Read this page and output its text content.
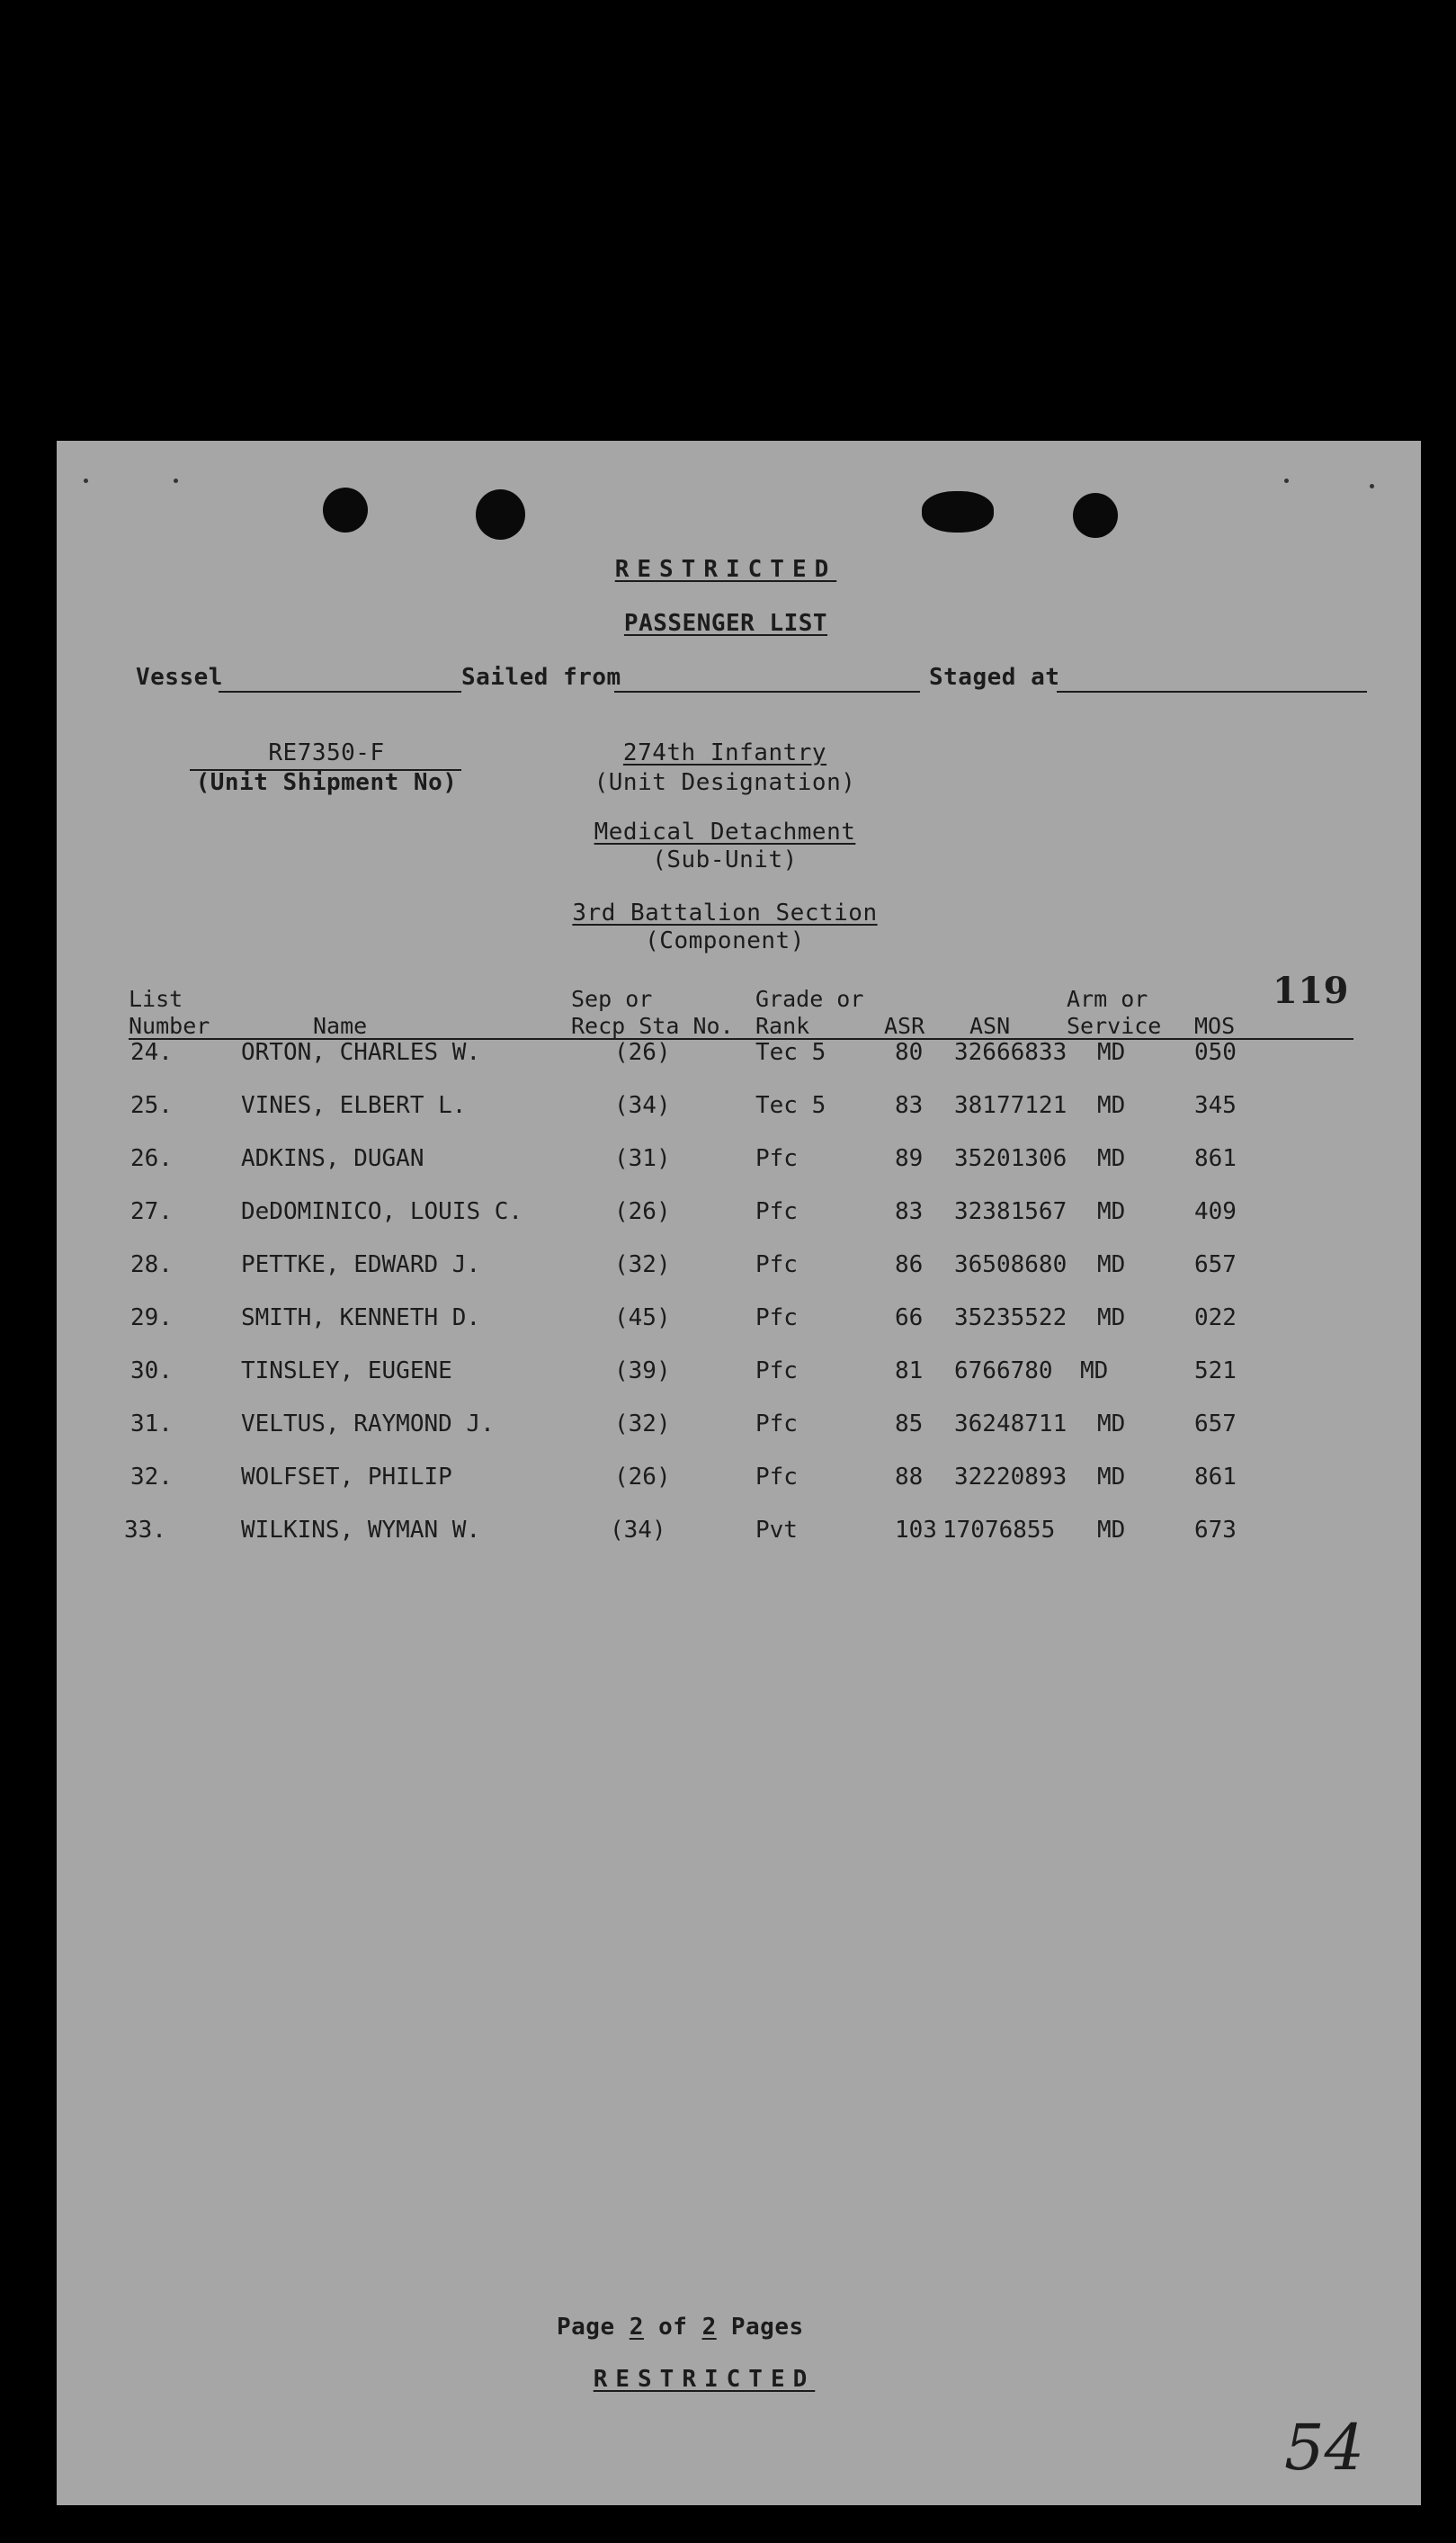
RESTRICTED
PASSENGER LIST
Vessel	Sailed from	Staged at
RE7350-F
(Unit Shipment No)
274th Infantry
(Unit Designation)
Medical Detachment
(Sub-Unit)
3rd Battalion Section
(Component)
119
List
Number	Name
Sep or
Recp Sta No.
Grade or
Rank	ASR ASN
Arm or
Service MOS
24.	ORTON, CHARLES W.	(26)	Tec 5	80 32666833 MD	050
25.	VINES, ELBERT L.	(34)	Tec 5	83 38177121 MD	345
26.	ADKINS, DUGAN	(31)	Pfc	89 35201306 MD	861
27.	DeDOMINICO, LOUIS C.	(26)	Pfc	83 32381567 MD	409
28.	PETTKE, EDWARD J.	(32)	Pfc	86 36508680 MD	657
29.	SMITH, KENNETH D.	(45)	Pfc	66 35235522 MD	022
30.	TINSLEY, EUGENE	(39)	Pfc	81 6766780 MD	521
31.	VELTUS, RAYMOND J.	(32)	Pfc	85 36248711 MD	657
32.	WOLFSET, PHILIP	(26)	Pfc	88 32220893 MD	861
33.	WILKINS, WYMAN W.	(34)	Pvt	103 17076855 MD	673
Page 2 of 2 Pages
RESTRICTED
54
